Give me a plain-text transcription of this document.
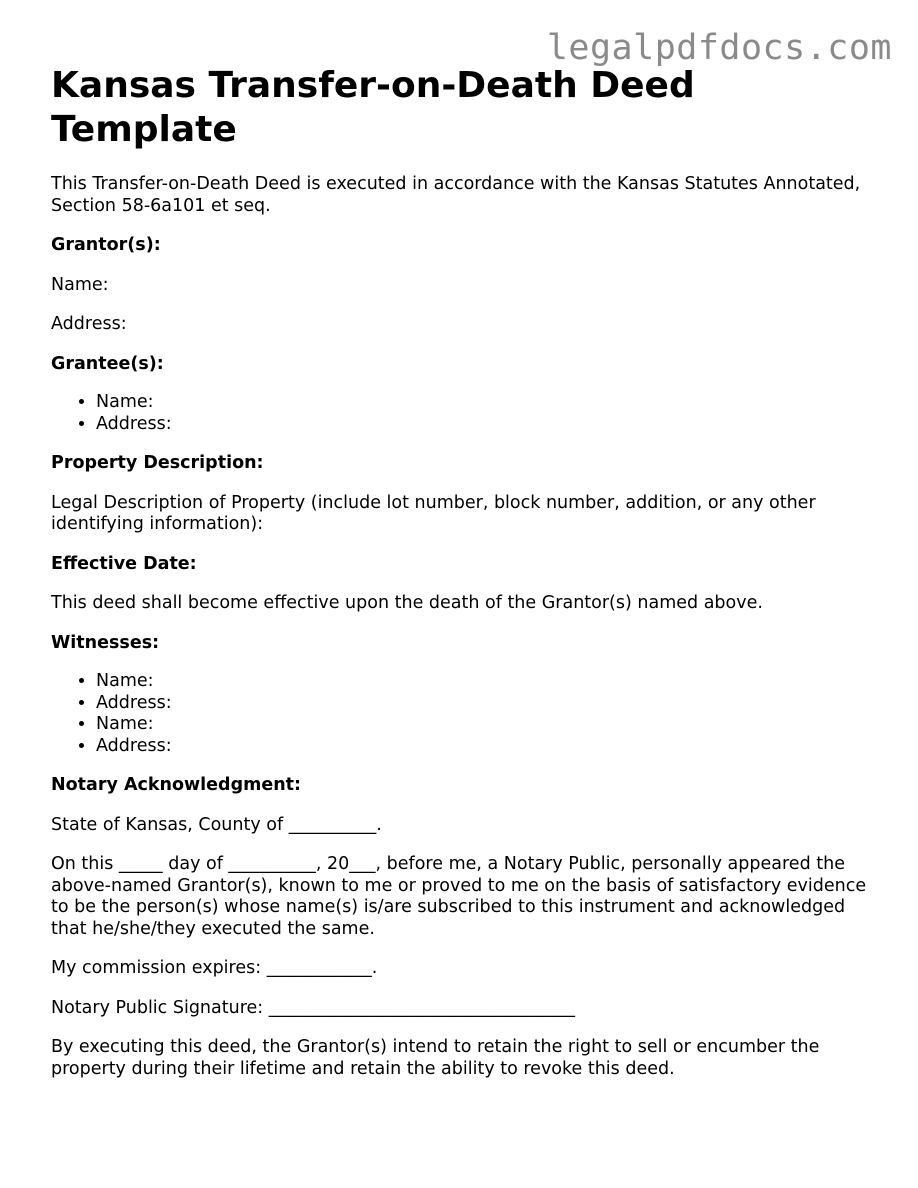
legalpdfdocs.com
Kansas Transfer-on-Death Deed Template

This Transfer-on-Death Deed is executed in accordance with the Kansas Statutes Annotated, Section 58-6a101 et seq.

Grantor(s):

Name:

Address:

Grantee(s):

• Name:
• Address:

Property Description:

Legal Description of Property (include lot number, block number, addition, or any other identifying information):

Effective Date:

This deed shall become effective upon the death of the Grantor(s) named above.

Witnesses:

• Name:
• Address:
• Name:
• Address:

Notary Acknowledgment:

State of Kansas, County of __________.

On this _____ day of __________, 20___, before me, a Notary Public, personally appeared the above-named Grantor(s), known to me or proved to me on the basis of satisfactory evidence to be the person(s) whose name(s) is/are subscribed to this instrument and acknowledged that he/she/they executed the same.

My commission expires: ____________.

Notary Public Signature: ___________________________________

By executing this deed, the Grantor(s) intend to retain the right to sell or encumber the property during their lifetime and retain the ability to revoke this deed.
